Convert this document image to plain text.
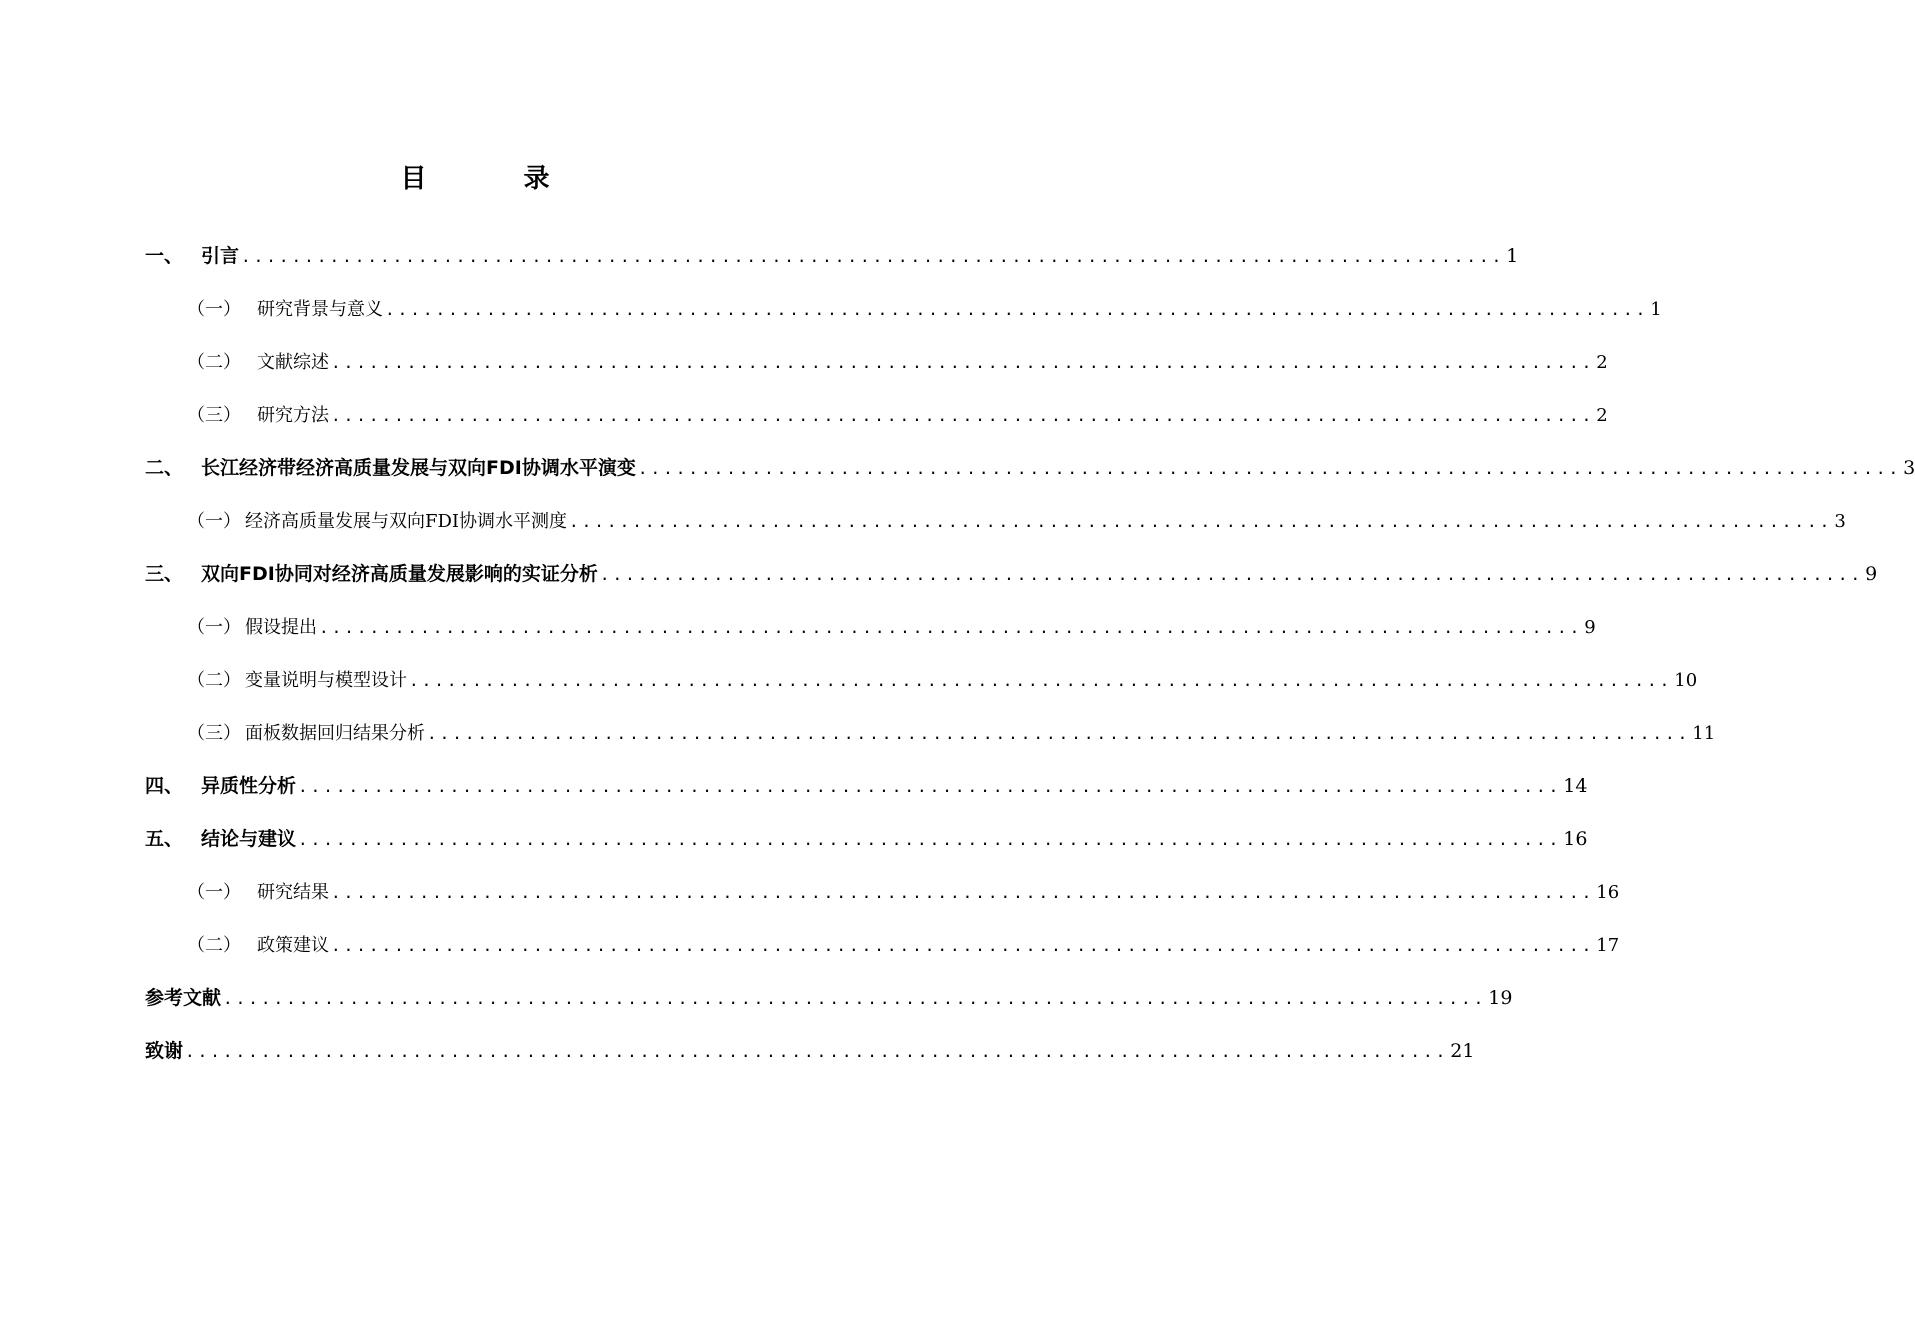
目 录
一、 引言 .................................................................................................... 1
（一） 研究背景与意义 .................................................................................................... 1
（二） 文献综述 .................................................................................................... 2
（三） 研究方法 .................................................................................................... 2
二、 长江经济带经济高质量发展与双向FDI协调水平演变 .................................................................................................... 3
（一） 经济高质量发展与双向FDI协调水平测度 .................................................................................................... 3
三、 双向FDI协同对经济高质量发展影响的实证分析 .................................................................................................... 9
（一） 假设提出 .................................................................................................... 9
（二） 变量说明与模型设计 .................................................................................................... 10
（三） 面板数据回归结果分析 .................................................................................................... 11
四、 异质性分析 .................................................................................................... 14
五、 结论与建议 .................................................................................................... 16
（一） 研究结果 .................................................................................................... 16
（二） 政策建议 .................................................................................................... 17
参考文献 .................................................................................................... 19
致谢 .................................................................................................... 21
